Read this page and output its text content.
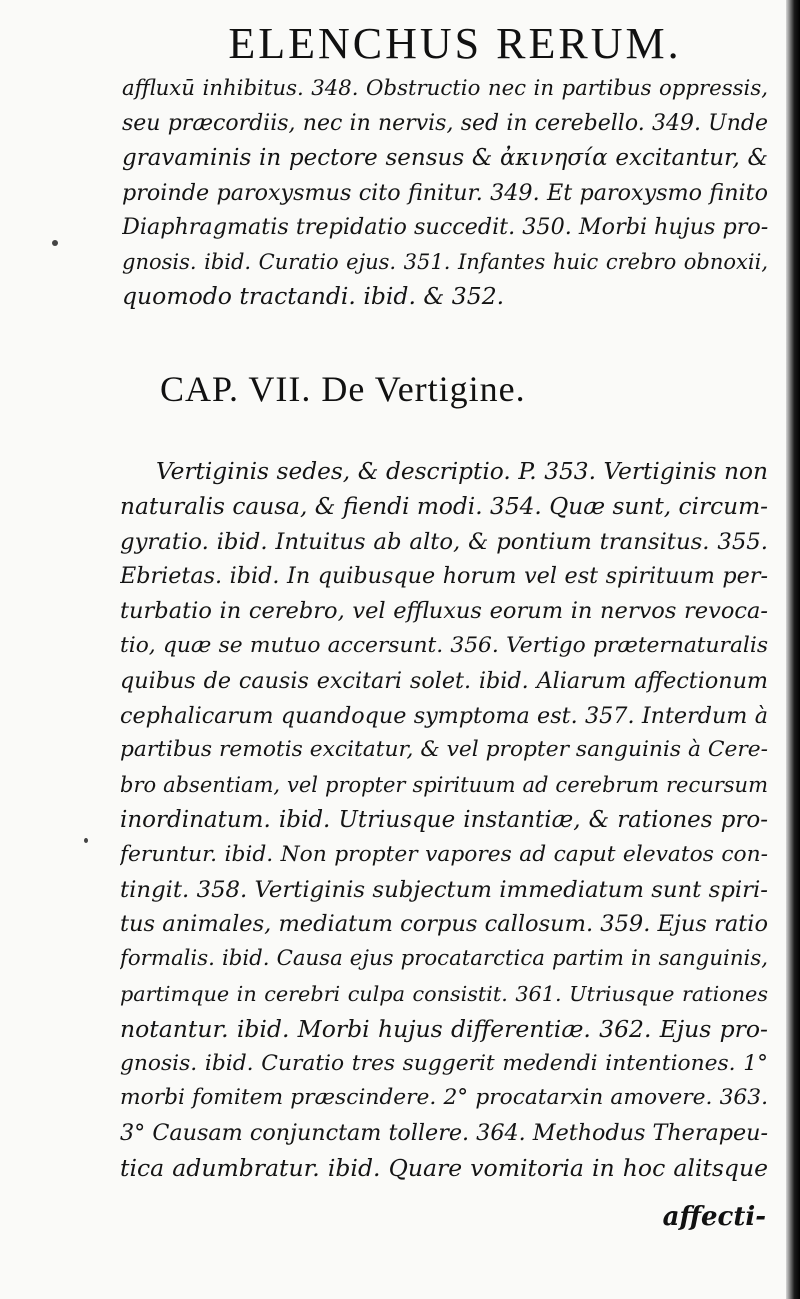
ELENCHUS RERUM.
affluxū inhibitus. 348. Obstructio nec in partibus oppressis,
seu præcordiis, nec in nervis, sed in cerebello. 349. Unde
gravaminis in pectore sensus & ἀκινησία excitantur, &
proinde paroxysmus cito finitur. 349. Et paroxysmo finito
Diaphragmatis trepidatio succedit. 350. Morbi hujus pro-
gnosis. ibid. Curatio ejus. 351. Infantes huic crebro obnoxii,
quomodo tractandi. ibid. & 352.
CAP. VII. De Vertigine.
Vertiginis sedes, & descriptio. P. 353. Vertiginis non
naturalis causa, & fiendi modi. 354. Quæ sunt, circum-
gyratio. ibid. Intuitus ab alto, & pontium transitus. 355.
Ebrietas. ibid. In quibusque horum vel est spirituum per-
turbatio in cerebro, vel effluxus eorum in nervos revoca-
tio, quæ se mutuo accersunt. 356. Vertigo præternaturalis
quibus de causis excitari solet. ibid. Aliarum affectionum
cephalicarum quandoque symptoma est. 357. Interdum à
partibus remotis excitatur, & vel propter sanguinis à Cere-
bro absentiam, vel propter spirituum ad cerebrum recursum
inordinatum. ibid. Utriusque instantiæ, & rationes pro-
feruntur. ibid. Non propter vapores ad caput elevatos con-
tingit. 358. Vertiginis subjectum immediatum sunt spiri-
tus animales, mediatum corpus callosum. 359. Ejus ratio
formalis. ibid. Causa ejus procatarctica partim in sanguinis,
partimque in cerebri culpa consistit. 361. Utriusque rationes
notantur. ibid. Morbi hujus differentiæ. 362. Ejus pro-
gnosis. ibid. Curatio tres suggerit medendi intentiones. 1°
morbi fomitem præscindere. 2° procatarxin amovere. 363.
3° Causam conjunctam tollere. 364. Methodus Therapeu-
tica adumbratur. ibid. Quare vomitoria in hoc alitsque
affecti-
